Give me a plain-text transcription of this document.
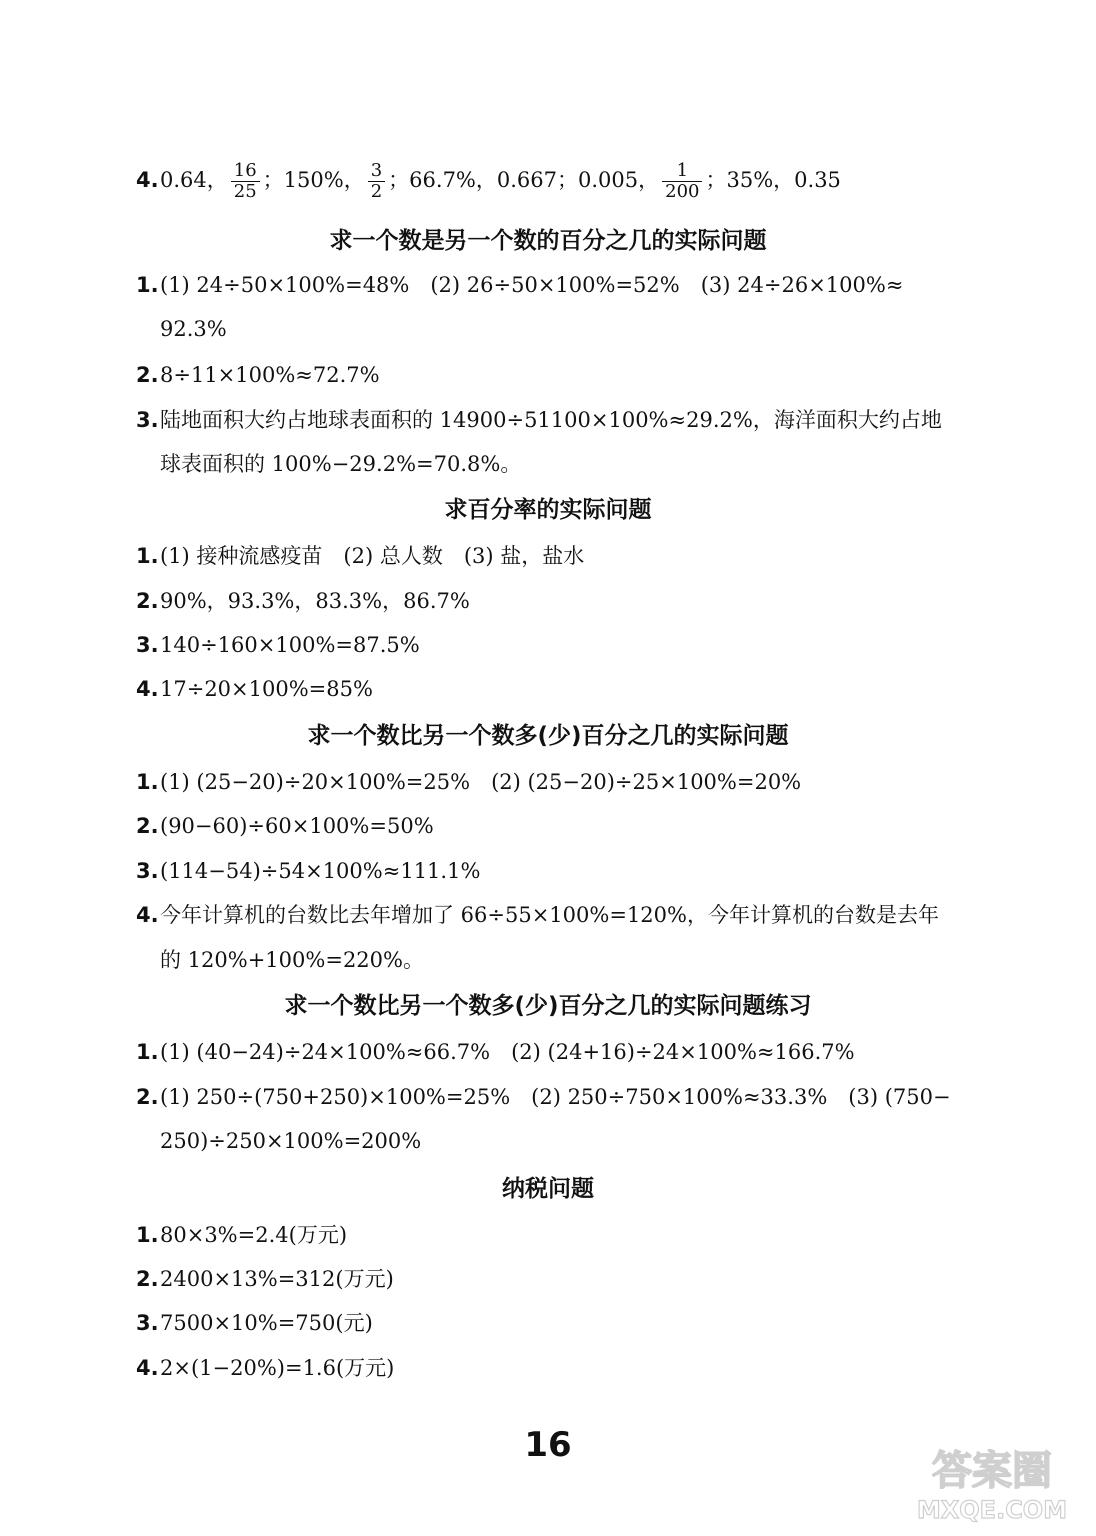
4.0.64， $\frac{16}{25}$ ；150%， $\frac{3}{2}$ ；66.7%，0.667；0.005， $\frac{1}{200}$ ；35%，0.35
求一个数是另一个数的百分之几的实际问题
1.(1) 24÷50×100%=48%　(2) 26÷50×100%=52%　(3) 24÷26×100%≈
92.3%
2.8÷11×100%≈72.7%
3.陆地面积大约占地球表面积的 14900÷51100×100%≈29.2%，海洋面积大约占地
球表面积的 100%−29.2%=70.8%。
求百分率的实际问题
1.(1) 接种流感疫苗　(2) 总人数　(3) 盐，盐水
2.90%，93.3%，83.3%，86.7%
3.140÷160×100%=87.5%
4.17÷20×100%=85%
求一个数比另一个数多(少)百分之几的实际问题
1.(1) (25−20)÷20×100%=25%　(2) (25−20)÷25×100%=20%
2.(90−60)÷60×100%=50%
3.(114−54)÷54×100%≈111.1%
4.今年计算机的台数比去年增加了 66÷55×100%=120%，今年计算机的台数是去年
的 120%+100%=220%。
求一个数比另一个数多(少)百分之几的实际问题练习
1.(1) (40−24)÷24×100%≈66.7%　(2) (24+16)÷24×100%≈166.7%
2.(1) 250÷(750+250)×100%=25%　(2) 250÷750×100%≈33.3%　(3) (750−
250)÷250×100%=200%
纳税问题
1.80×3%=2.4(万元)
2.2400×13%=312(万元)
3.7500×10%=750(元)
4.2×(1−20%)=1.6(万元)
16
答案圈
MXQE.COM
